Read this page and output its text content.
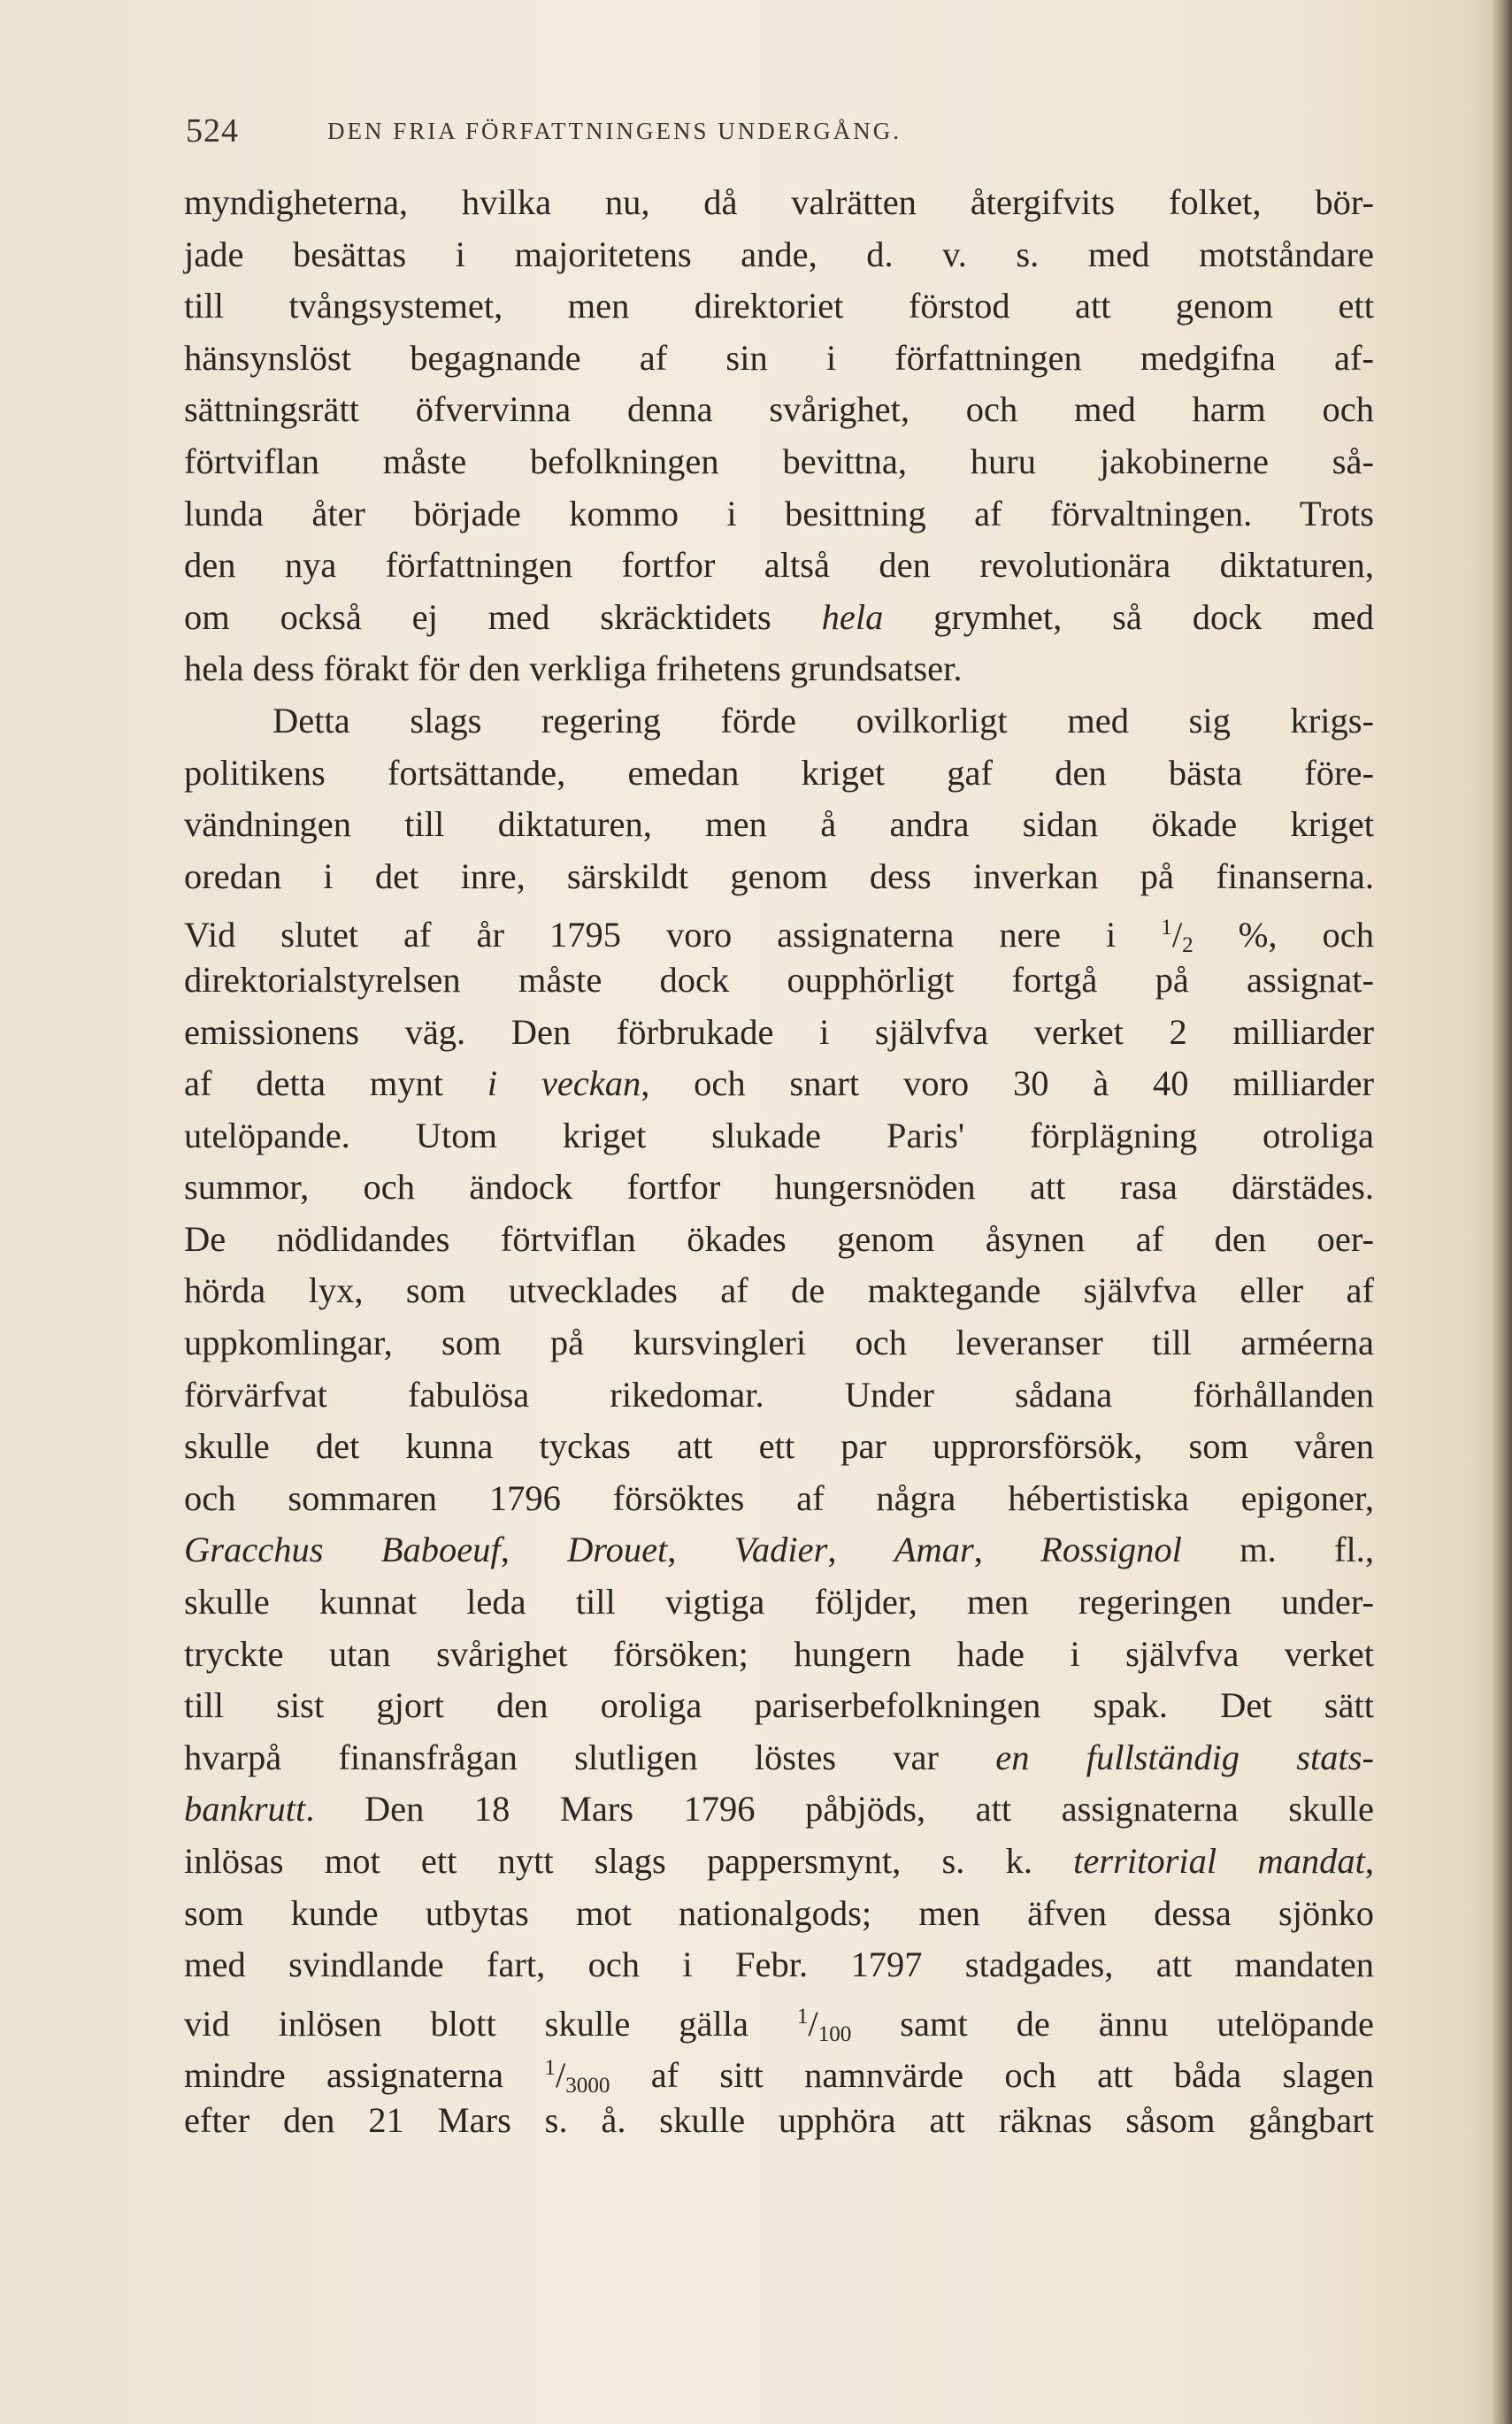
524	DEN FRIA FÖRFATTNINGENS UNDERGÅNG.
myndigheterna, hvilka nu, då valrätten återgifvits folket, bör-
jade besättas i majoritetens ande, d. v. s. med motståndare
till tvångsystemet, men direktoriet förstod att genom ett
hänsynslöst begagnande af sin i författningen medgifna af-
sättningsrätt öfvervinna denna svårighet, och med harm och
förtviflan måste befolkningen bevittna, huru jakobinerne så-
lunda åter började kommo i besittning af förvaltningen. Trots
den nya författningen fortfor altså den revolutionära diktaturen,
om också ej med skräcktidets hela grymhet, så dock med
hela dess förakt för den verkliga frihetens grundsatser.
Detta slags regering förde ovilkorligt med sig krigs-
politikens fortsättande, emedan kriget gaf den bästa före-
vändningen till diktaturen, men å andra sidan ökade kriget
oredan i det inre, särskildt genom dess inverkan på finanserna.
Vid slutet af år 1795 voro assignaterna nere i $^1/_2$ %, och
direktorialstyrelsen måste dock oupphörligt fortgå på assignat-
emissionens väg. Den förbrukade i självfva verket 2 milliarder
af detta mynt i veckan, och snart voro 30 à 40 milliarder
utelöpande. Utom kriget slukade Paris' förplägning otroliga
summor, och ändock fortfor hungersnöden att rasa därstädes.
De nödlidandes förtviflan ökades genom åsynen af den oer-
hörda lyx, som utvecklades af de maktegande självfva eller af
uppkomlingar, som på kursvingleri och leveranser till arméerna
förvärfvat fabulösa rikedomar. Under sådana förhållanden
skulle det kunna tyckas att ett par upprorsförsök, som våren
och sommaren 1796 försöktes af några hébertistiska epigoner,
Gracchus Baboeuf, Drouet, Vadier, Amar, Rossignol m. fl.,
skulle kunnat leda till vigtiga följder, men regeringen under-
tryckte utan svårighet försöken; hungern hade i självfva verket
till sist gjort den oroliga pariserbefolkningen spak. Det sätt
hvarpå finansfrågan slutligen löstes var en fullständig stats-
bankrutt. Den 18 Mars 1796 påbjöds, att assignaterna skulle
inlösas mot ett nytt slags pappersmynt, s. k. territorial mandat,
som kunde utbytas mot nationalgods; men äfven dessa sjönko
med svindlande fart, och i Febr. 1797 stadgades, att mandaten
vid inlösen blott skulle gälla $^1/_{100}$ samt de ännu utelöpande
mindre assignaterna $^1/_{3000}$ af sitt namnvärde och att båda slagen
efter den 21 Mars s. å. skulle upphöra att räknas såsom gångbart
